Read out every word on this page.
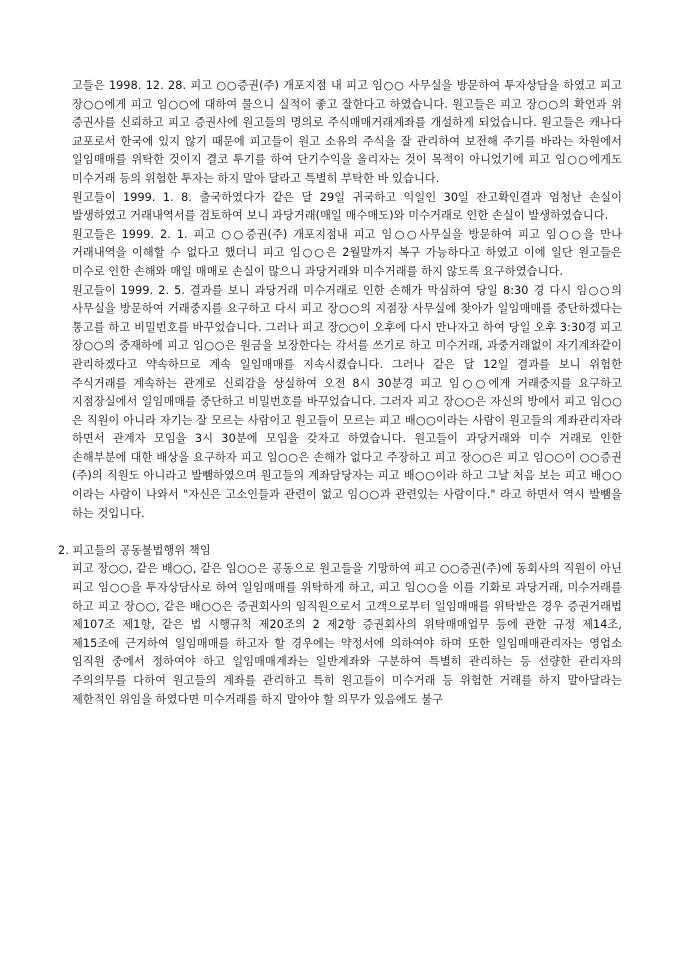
고들은 1998. 12. 28. 피고 ○○증권(주) 개포지점 내 피고 임○○ 사무실을 방문하여 투자상담을 하였고 피고 장○○에게 피고 임○○에 대하여 물으니 실적이 좋고 잘한다고 하였습니다. 원고들은 피고 장○○의 확언과 위 증권사를 신뢰하고 피고 증권사에 원고들의 명의로 주식매매거래계좌를 개설하게 되었습니다. 원고들은 캐나다 교포로서 한국에 있지 않기 때문에 피고들이 원고 소유의 주식을 잘 관리하여 보전해 주기를 바라는 차원에서 일임매매를 위탁한 것이지 결코 투기를 하여 단기수익을 올리자는 것이 목적이 아니었기에 피고 임○○에게도 미수거래 등의 위험한 투자는 하지 말아 달라고 특별히 부탁한 바 있습니다.

원고들이 1999. 1. 8. 출국하였다가 같은 달 29일 귀국하고 익일인 30일 잔고확인결과 엄청난 손실이 발생하였고 거래내역서를 검토하여 보니 과당거래(매일 매수매도)와 미수거래로 인한 손실이 발생하였습니다.

원고들은 1999. 2. 1. 피고 ○○증권(주) 개포지점내 피고 임○○사무실을 방문하여 피고 임○○을 만나 거래내역을 이해할 수 없다고 했더니 피고 임○○은 2월말까지 복구 가능하다고 하였고 이에 일단 원고들은 미수로 인한 손해와 매일 매매로 손실이 많으니 과당거래와 미수거래를 하지 않도록 요구하였습니다.

원고들이 1999. 2. 5. 결과를 보니 과당거래 미수거래로 인한 손해가 막심하여 당일 8:30 경 다시 임○○의 사무실을 방문하여 거래중지를 요구하고 다시 피고 장○○의 지점장 사무실에 찾아가 일임매매를 중단하겠다는 통고를 하고 비밀번호를 바꾸었습니다. 그러나 피고 장○○이 오후에 다시 만나자고 하여 당일 오후 3:30경 피고 장○○의 중재하에 피고 임○○은 원금을 보장한다는 각서를 쓰기로 하고 미수거래, 과중거래없이 자기계좌같이 관리하겠다고 약속하므로 계속 일임매매를 지속시켰습니다. 그러나 같은 달 12일 결과를 보니 위험한 주식거래를 계속하는 관계로 신뢰감을 상실하여 오전 8시 30분경 피고 임○○에게 거래중지를 요구하고 지점장실에서 일임매매를 중단하고 비밀번호를 바꾸었습니다. 그러자 피고 장○○은 자신의 방에서 피고 임○○은 직원이 아니라 자기는 잘 모르는 사람이고 원고들이 모르는 피고 배○○이라는 사람이 원고들의 계좌관리자라 하면서 관계자 모임을 3시 30분에 모임을 갖자고 하였습니다. 원고들이 과당거래와 미수 거래로 인한 손해부분에 대한 배상을 요구하자 피고 임○○은 손해가 없다고 주장하고 피고 장○○은 피고 임○○이 ○○증권(주)의 직원도 아니라고 발뺌하였으며 원고들의 계좌담당자는 피고 배○○이라 하고 그날 처음 보는 피고 배○○이라는 사람이 나와서 "자신은 고소인들과 관련이 없고 임○○과 관련있는 사람이다." 라고 하면서 역시 발뺌을 하는 것입니다.

2. 피고들의 공동불법행위 책임

피고 장○○, 같은 배○○, 같은 임○○은 공동으로 원고들을 기망하여 피고 ○○증권(주)에 동회사의 직원이 아닌 피고 임○○을 투자상담사로 하여 일임매매를 위탁하게 하고, 피고 임○○을 이를 기화로 과당거래, 미수거래를 하고 피고 장○○, 같은 배○○은 증권회사의 임직원으로서 고객으로부터 일임매매를 위탁받은 경우 증권거래법 제107조 제1항, 같은 법 시행규칙 제20조의 2 제2항 증권회사의 위탁매매업무 등에 관한 규정 제14조, 제15조에 근거하여 일임매매를 하고자 할 경우에는 약정서에 의하여야 하며 또한 일임매매관리자는 영업소 임직원 중에서 정하여야 하고 일임매매계좌는 일반계좌와 구분하여 특별히 관리하는 등 선량한 관리자의 주의의무를 다하여 원고들의 계좌를 관리하고 특히 원고들이 미수거래 등 위험한 거래를 하지 말아달라는 제한적인 위임을 하였다면 미수거래를 하지 말아야 할 의무가 있음에도 불구
